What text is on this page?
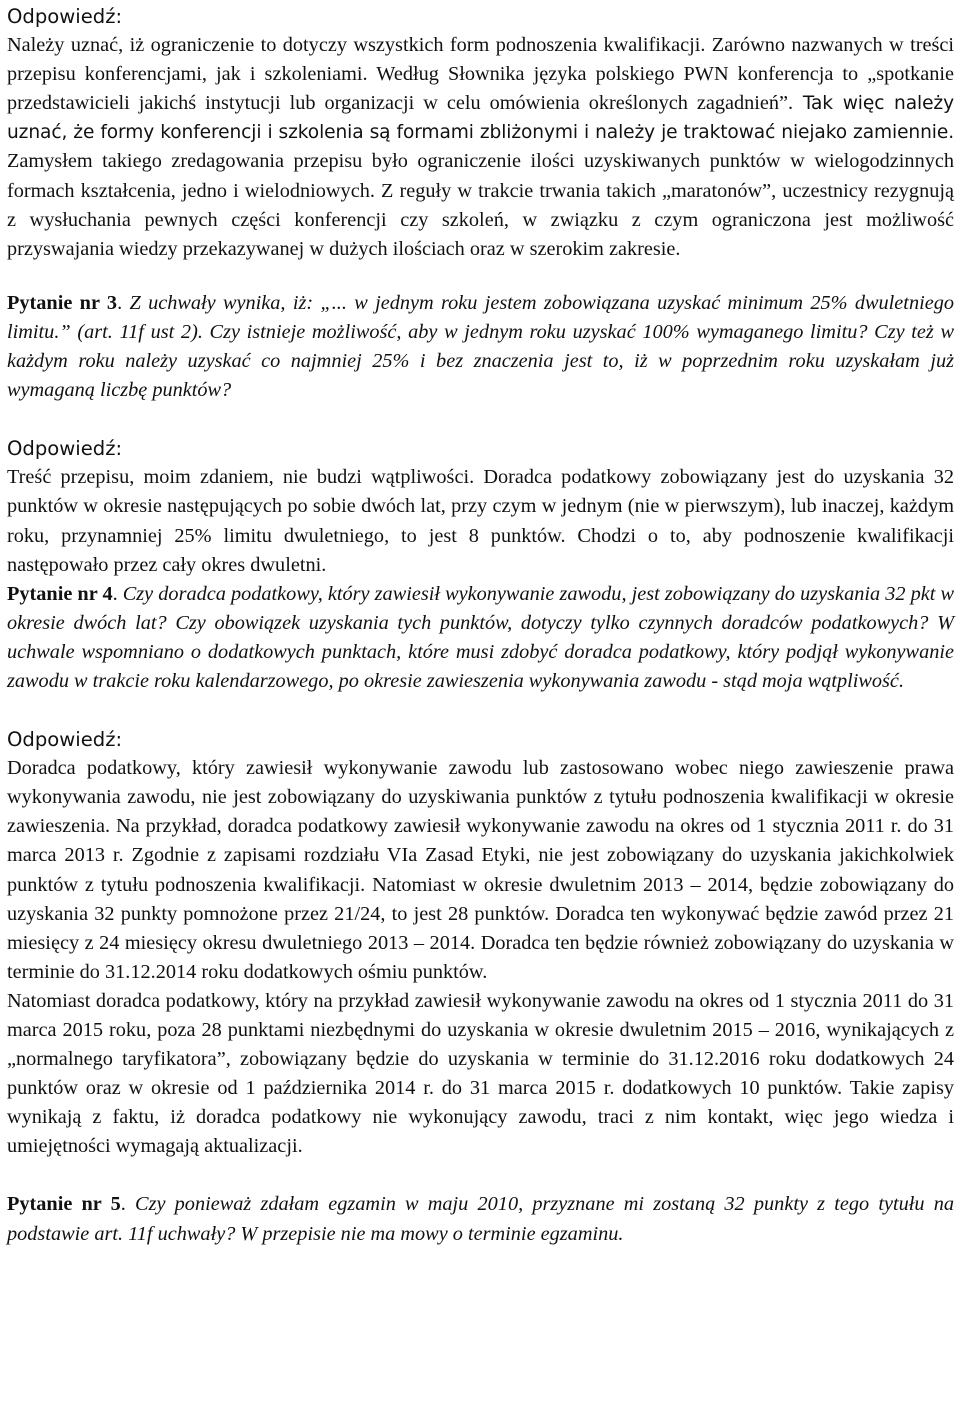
Odpowiedź:

Należy uznać, iż ograniczenie to dotyczy wszystkich form podnoszenia kwalifikacji. Zarówno nazwanych w treści przepisu konferencjami, jak i szkoleniami. Według Słownika języka polskiego PWN konferencja to „spotkanie przedstawicieli jakichś instytucji lub organizacji w celu omówienia określonych zagadnień”. Tak więc należy uznać, że formy konferencji i szkolenia są formami zbliżonymi i należy je traktować niejako zamiennie. Zamysłem takiego zredagowania przepisu było ograniczenie ilości uzyskiwanych punktów w wielogodzinnych formach kształcenia, jedno i wielodniowych. Z reguły w trakcie trwania takich „maratonów”, uczestnicy rezygnują z wysłuchania pewnych części konferencji czy szkoleń, w związku z czym ograniczona jest możliwość przyswajania wiedzy przekazywanej w dużych ilościach oraz w szerokim zakresie.

Pytanie nr 3. Z uchwały wynika, iż: „... w jednym roku jestem zobowiązana uzyskać minimum 25% dwuletniego limitu.” (art. 11f ust 2). Czy istnieje możliwość, aby w jednym roku uzyskać 100% wymaganego limitu? Czy też w każdym roku należy uzyskać co najmniej 25% i bez znaczenia jest to, iż w poprzednim roku uzyskałam już wymaganą liczbę punktów?

Odpowiedź:

Treść przepisu, moim zdaniem, nie budzi wątpliwości. Doradca podatkowy zobowiązany jest do uzyskania 32 punktów w okresie następujących po sobie dwóch lat, przy czym w jednym (nie w pierwszym), lub inaczej, każdym roku, przynamniej 25% limitu dwuletniego, to jest 8 punktów. Chodzi o to, aby podnoszenie kwalifikacji następowało przez cały okres dwuletni.

Pytanie nr 4. Czy doradca podatkowy, który zawiesił wykonywanie zawodu, jest zobowiązany do uzyskania 32 pkt w okresie dwóch lat? Czy obowiązek uzyskania tych punktów, dotyczy tylko czynnych doradców podatkowych? W uchwale wspomniano o dodatkowych punktach, które musi zdobyć doradca podatkowy, który podjął wykonywanie zawodu w trakcie roku kalendarzowego, po okresie zawieszenia wykonywania zawodu - stąd moja wątpliwość.

Odpowiedź:

Doradca podatkowy, który zawiesił wykonywanie zawodu lub zastosowano wobec niego zawieszenie prawa wykonywania zawodu, nie jest zobowiązany do uzyskiwania punktów z tytułu podnoszenia kwalifikacji w okresie zawieszenia. Na przykład, doradca podatkowy zawiesił wykonywanie zawodu na okres od 1 stycznia 2011 r. do 31 marca 2013 r. Zgodnie z zapisami rozdziału VIa Zasad Etyki, nie jest zobowiązany do uzyskania jakichkolwiek punktów z tytułu podnoszenia kwalifikacji. Natomiast w okresie dwuletnim 2013 – 2014, będzie zobowiązany do uzyskania 32 punkty pomnożone przez 21/24, to jest 28 punktów. Doradca ten wykonywać będzie zawód przez 21 miesięcy z 24 miesięcy okresu dwuletniego 2013 – 2014. Doradca ten będzie również zobowiązany do uzyskania w terminie do 31.12.2014 roku dodatkowych ośmiu punktów.

Natomiast doradca podatkowy, który na przykład zawiesił wykonywanie zawodu na okres od 1 stycznia 2011 do 31 marca 2015 roku, poza 28 punktami niezbędnymi do uzyskania w okresie dwuletnim 2015 – 2016, wynikających z „normalnego taryfikatora”, zobowiązany będzie do uzyskania w terminie do 31.12.2016 roku dodatkowych 24 punktów oraz w okresie od 1 października 2014 r. do 31 marca 2015 r. dodatkowych 10 punktów. Takie zapisy wynikają z faktu, iż doradca podatkowy nie wykonujący zawodu, traci z nim kontakt, więc jego wiedza i umiejętności wymagają aktualizacji.

Pytanie nr 5. Czy ponieważ zdałam egzamin w maju 2010, przyznane mi zostaną 32 punkty z tego tytułu na podstawie art. 11f uchwały? W przepisie nie ma mowy o terminie egzaminu.
